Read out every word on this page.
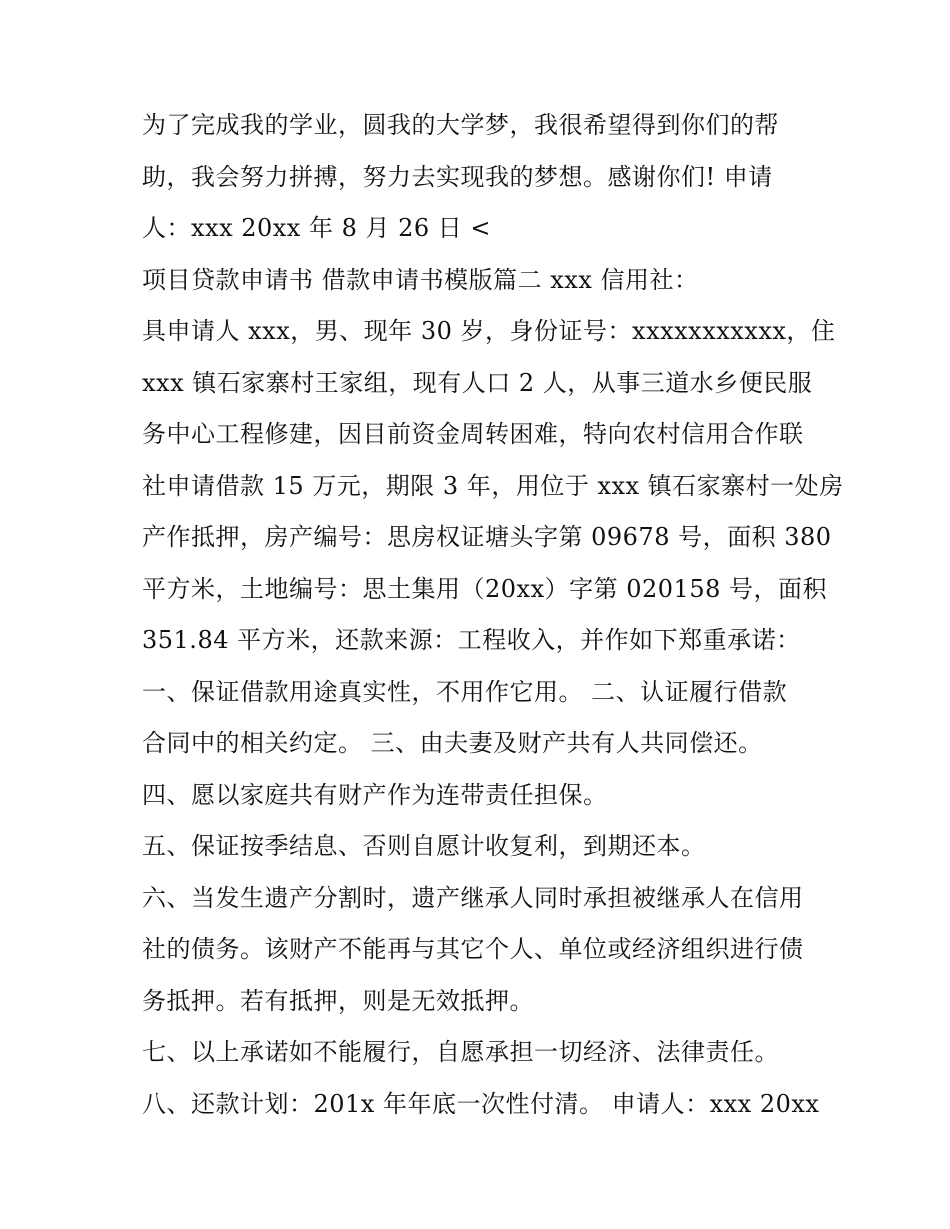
为了完成我的学业，圆我的大学梦，我很希望得到你们的帮
助，我会努力拼搏，努力去实现我的梦想。感谢你们! 申请
人：xxx 20xx 年 8 月 26 日 <
项目贷款申请书 借款申请书模版篇二 xxx 信用社：
具申请人 xxx，男、现年 30 岁，身份证号：xxxxxxxxxxx，住
xxx 镇石家寨村王家组，现有人口 2 人，从事三道水乡便民服
务中心工程修建，因目前资金周转困难，特向农村信用合作联
社申请借款 15 万元，期限 3 年，用位于 xxx 镇石家寨村一处房
产作抵押，房产编号：思房权证塘头字第 09678 号，面积 380
平方米，土地编号：思土集用（20xx）字第 020158 号，面积
351.84 平方米，还款来源：工程收入，并作如下郑重承诺：
一、保证借款用途真实性，不用作它用。 二、认证履行借款
合同中的相关约定。 三、由夫妻及财产共有人共同偿还。
四、愿以家庭共有财产作为连带责任担保。
五、保证按季结息、否则自愿计收复利，到期还本。
六、当发生遗产分割时，遗产继承人同时承担被继承人在信用
社的债务。该财产不能再与其它个人、单位或经济组织进行债
务抵押。若有抵押，则是无效抵押。
七、以上承诺如不能履行，自愿承担一切经济、法律责任。
八、还款计划：201x 年年底一次性付清。 申请人：xxx 20xx
